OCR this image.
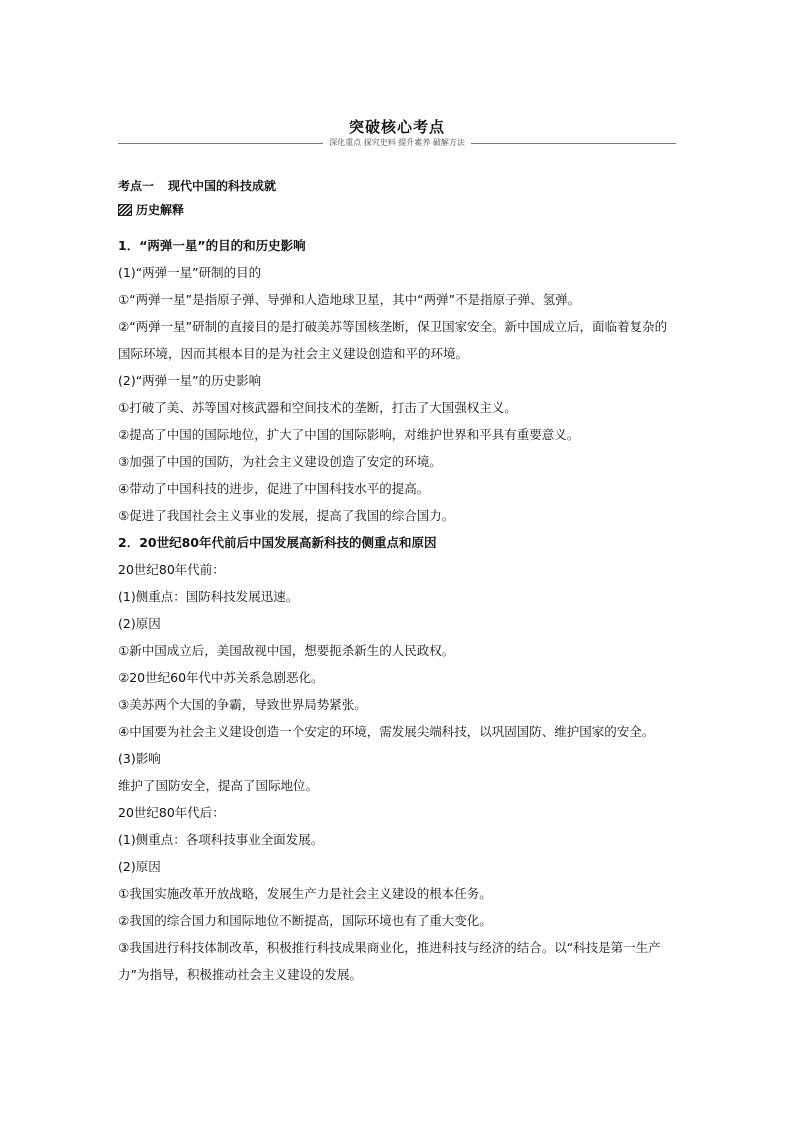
突破核心考点
深化重点 探究史料 提升素养 破解方法
考点一 现代中国的科技成就
历史解释

1．“两弹一星”的目的和历史影响

(1)“两弹一星”研制的目的

①“两弹一星”是指原子弹、导弹和人造地球卫星，其中“两弹”不是指原子弹、氢弹。

②“两弹一星”研制的直接目的是打破美苏等国核垄断，保卫国家安全。新中国成立后，面临着复杂的国际环境，因而其根本目的是为社会主义建设创造和平的环境。

(2)“两弹一星”的历史影响

①打破了美、苏等国对核武器和空间技术的垄断，打击了大国强权主义。

②提高了中国的国际地位，扩大了中国的国际影响，对维护世界和平具有重要意义。

③加强了中国的国防，为社会主义建设创造了安定的环境。

④带动了中国科技的进步，促进了中国科技水平的提高。

⑤促进了我国社会主义事业的发展，提高了我国的综合国力。

2．20世纪80年代前后中国发展高新科技的侧重点和原因

20世纪80年代前：

(1)侧重点：国防科技发展迅速。

(2)原因

①新中国成立后，美国敌视中国，想要扼杀新生的人民政权。

②20世纪60年代中苏关系急剧恶化。

③美苏两个大国的争霸，导致世界局势紧张。

④中国要为社会主义建设创造一个安定的环境，需发展尖端科技，以巩固国防、维护国家的安全。

(3)影响

维护了国防安全，提高了国际地位。

20世纪80年代后：

(1)侧重点：各项科技事业全面发展。

(2)原因

①我国实施改革开放战略，发展生产力是社会主义建设的根本任务。

②我国的综合国力和国际地位不断提高，国际环境也有了重大变化。

③我国进行科技体制改革，积极推行科技成果商业化，推进科技与经济的结合。以“科技是第一生产力”为指导，积极推动社会主义建设的发展。
